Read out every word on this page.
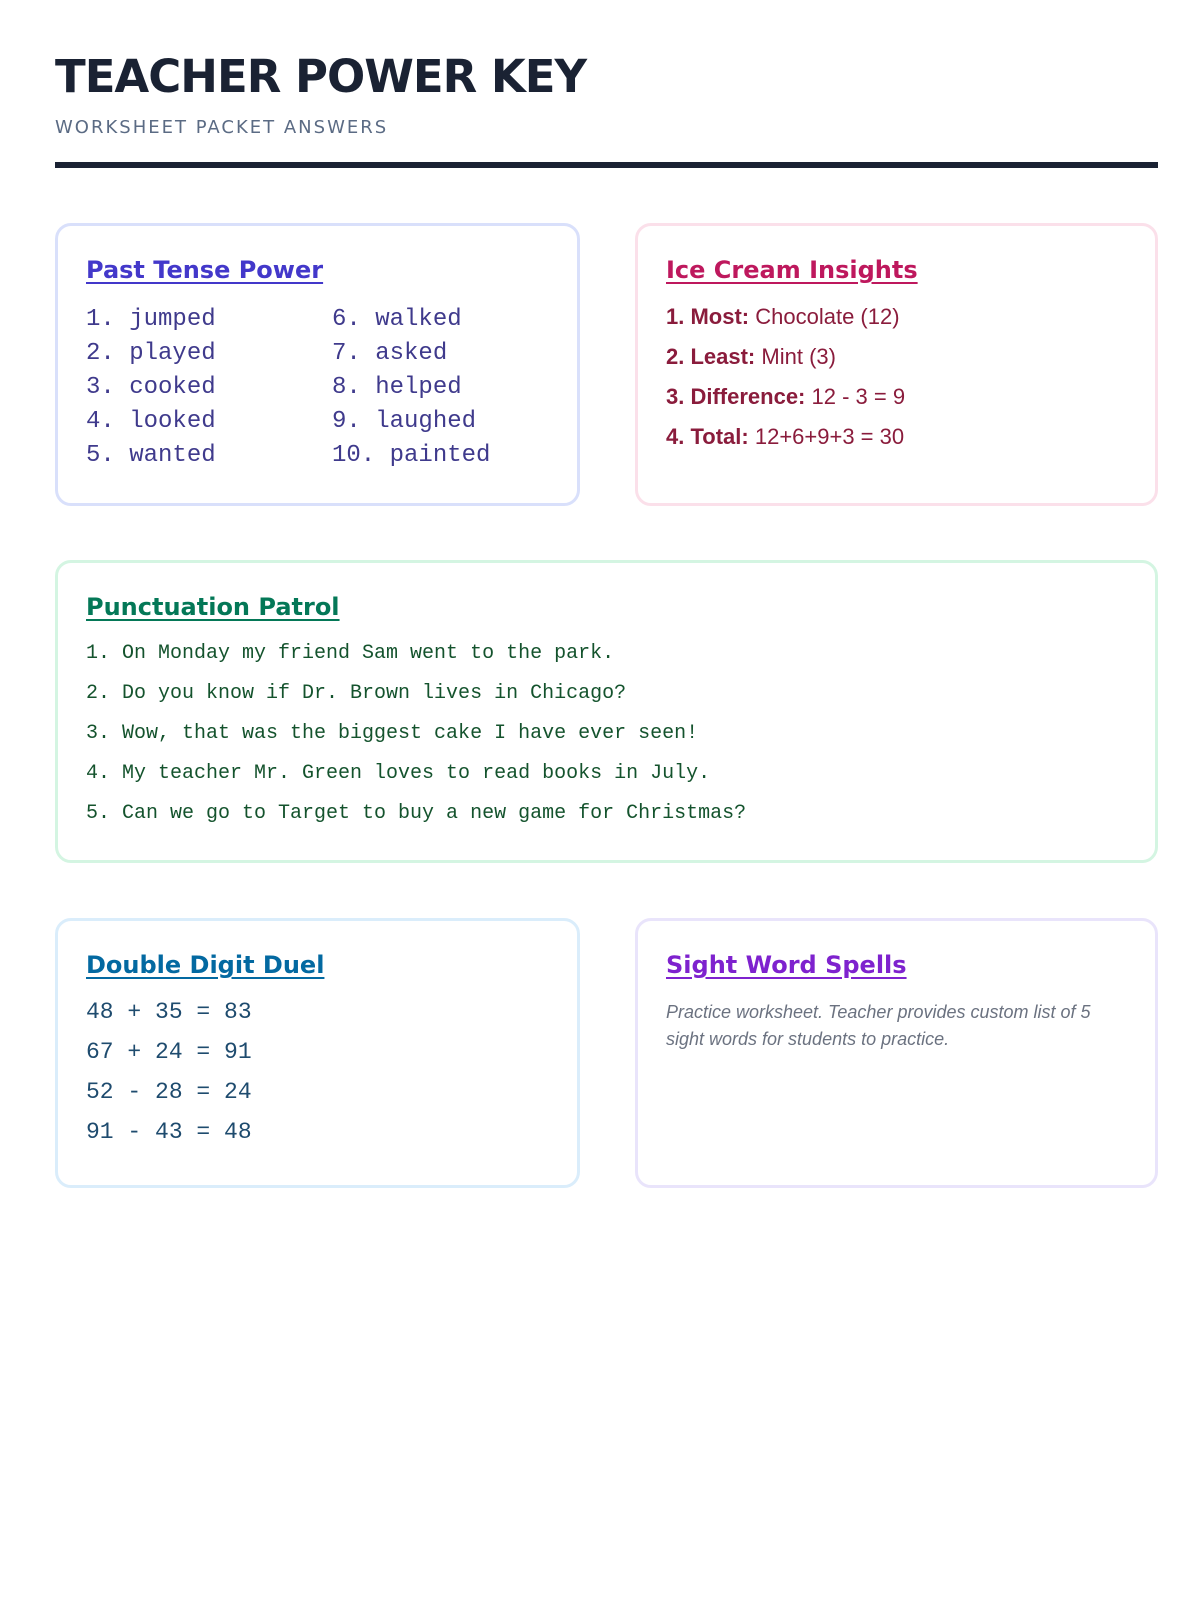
TEACHER POWER KEY

WORKSHEET PACKET ANSWERS

Past Tense Power
1. jumped	6. walked
2. played	7. asked
3. cooked	8. helped
4. looked	9. laughed
5. wanted	10. painted
Ice Cream Insights
1. Most: Chocolate (12)
2. Least: Mint (3)
3. Difference: 12 - 3 = 9
4. Total: 12+6+9+3 = 30
Punctuation Patrol
1. On Monday my friend Sam went to the park.
2. Do you know if Dr. Brown lives in Chicago?
3. Wow, that was the biggest cake I have ever seen!
4. My teacher Mr. Green loves to read books in July.
5. Can we go to Target to buy a new game for Christmas?
Double Digit Duel
48 + 35 = 83
67 + 24 = 91
52 - 28 = 24
91 - 43 = 48
Sight Word Spells

Practice worksheet. Teacher provides custom list of 5 sight words for students to practice.
